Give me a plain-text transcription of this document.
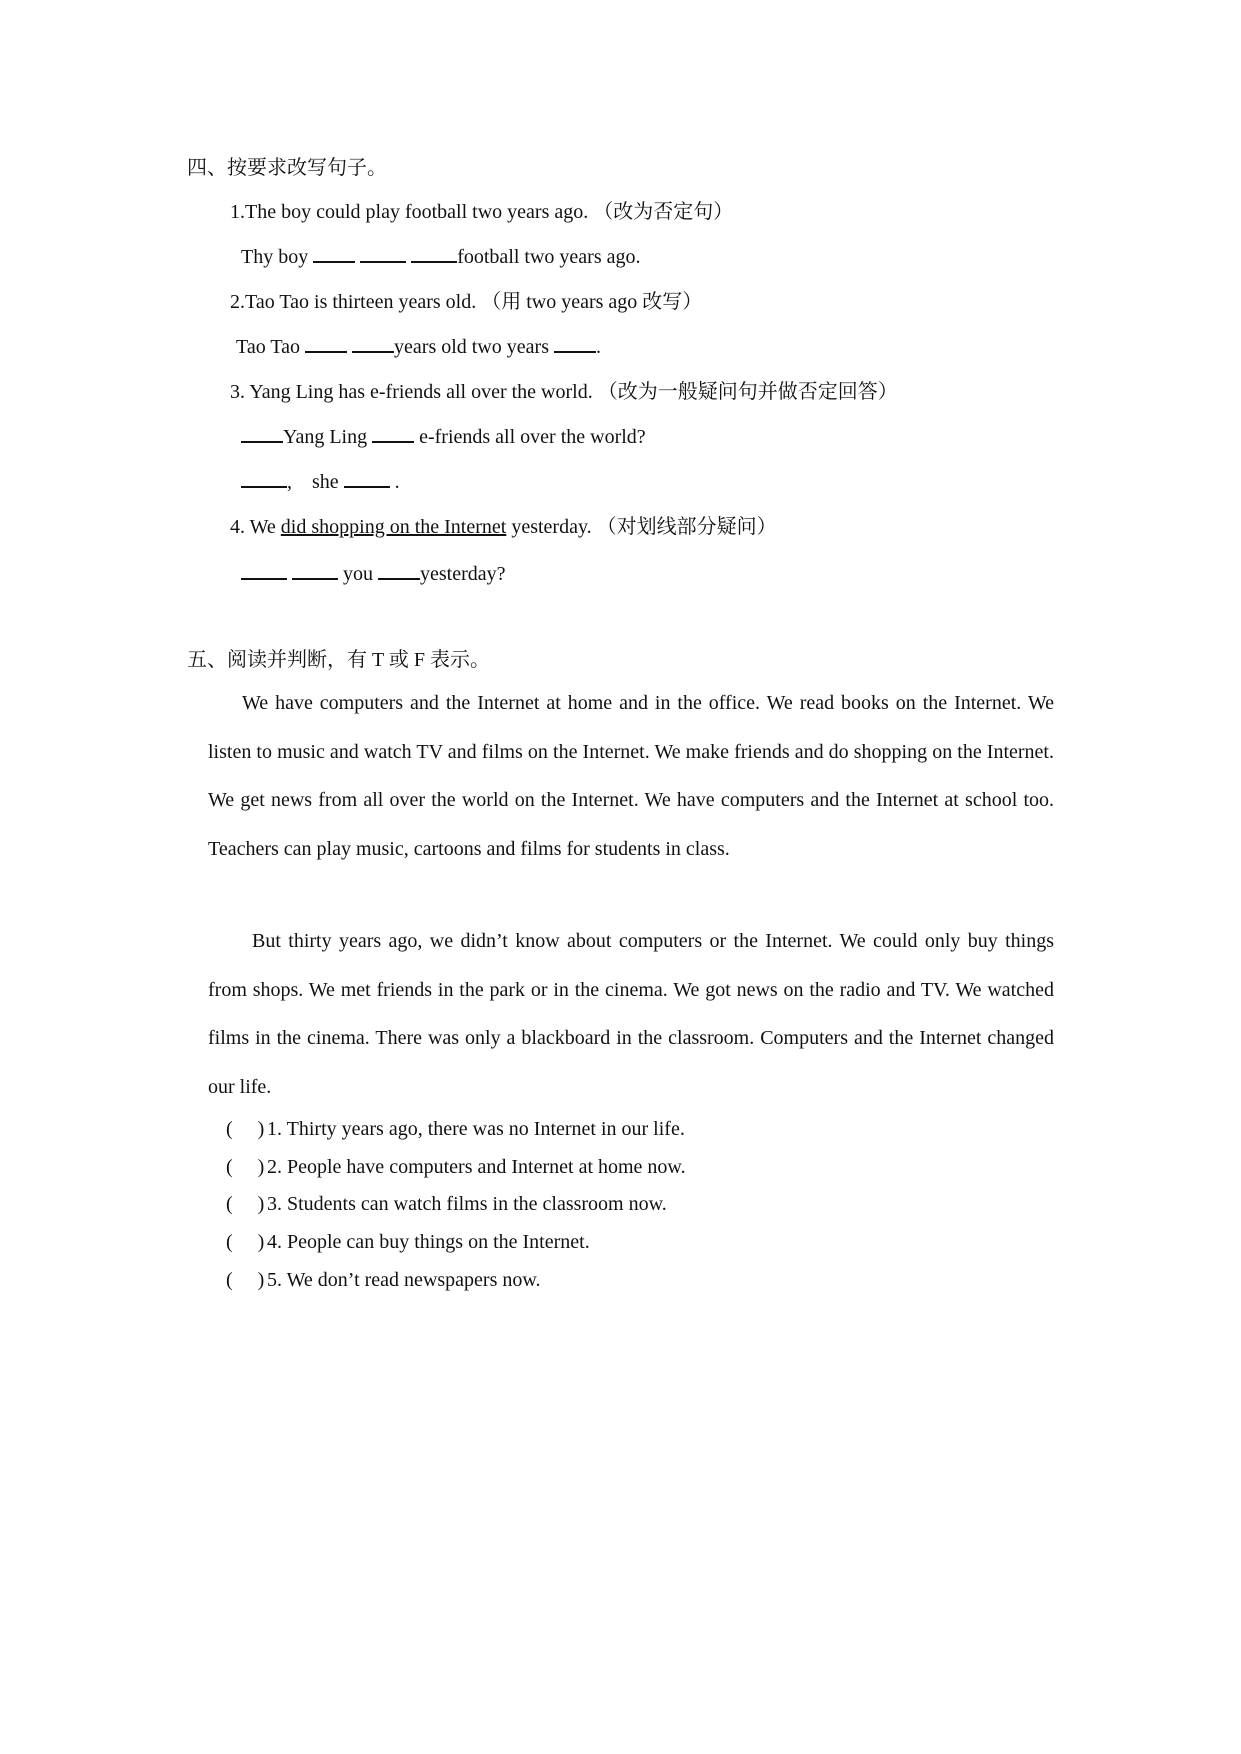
四、按要求改写句子。
1.The boy could play football two years ago. （改为否定句）
Thy boy	football two years ago.
2.Tao Tao is thirteen years old. （用 two years ago 改写）
Tao Tao	years old two years .
3. Yang Ling has e-friends all over the world. （改为一般疑问句并做否定回答）
Yang Ling	e-friends all over the world?
, she	.
4. We did shopping on the Internet yesterday. （对划线部分疑问）
you yesterday?
五、阅读并判断，有 T 或 F 表示。
We have computers and the Internet at home and in the office. We read books on the Internet. We listen to music and watch TV and films on the Internet. We make friends and do shopping on the Internet. We get news from all over the world on the Internet. We have computers and the Internet at school too. Teachers can play music, cartoons and films for students in class.
But thirty years ago, we didn’t know about computers or the Internet. We could only buy things from shops. We met friends in the park or in the cinema. We got news on the radio and TV. We watched films in the cinema. There was only a blackboard in the classroom. Computers and the Internet changed our life.
(     ) 1. Thirty years ago, there was no Internet in our life.
(     ) 2. People have computers and Internet at home now.
(     ) 3. Students can watch films in the classroom now.
(     ) 4. People can buy things on the Internet.
(     ) 5. We don’t read newspapers now.
